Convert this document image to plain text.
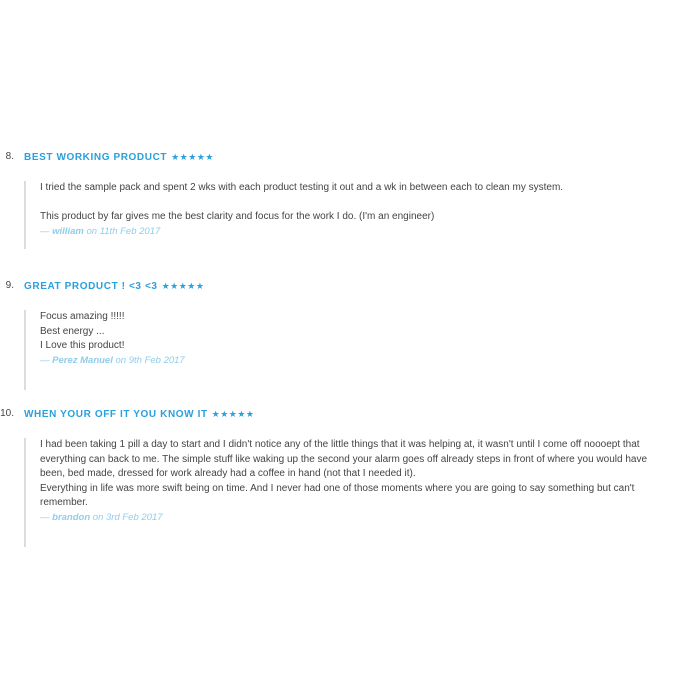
8. BEST WORKING PRODUCT ★★★★★

I tried the sample pack and spent 2 wks with each product testing it out and a wk in between each to clean my system.

This product by far gives me the best clarity and focus for the work I do. (I'm an engineer)

— william on 11th Feb 2017
9. GREAT PRODUCT ! <3 <3 ★★★★★

Focus amazing !!!!!

Best energy ...

I Love this product!

— Perez Manuel on 9th Feb 2017
10. WHEN YOUR OFF IT YOU KNOW IT ★★★★★

I had been taking 1 pill a day to start and I didn't notice any of the little things that it was helping at, it wasn't until I come off noooept that everything can back to me. The simple stuff like waking up the second your alarm goes off already steps in front of where you would have been, bed made, dressed for work already had a coffee in hand (not that I needed it).

Everything in life was more swift being on time. And I never had one of those moments where you are going to say something but can't remember.

— brandon on 3rd Feb 2017
